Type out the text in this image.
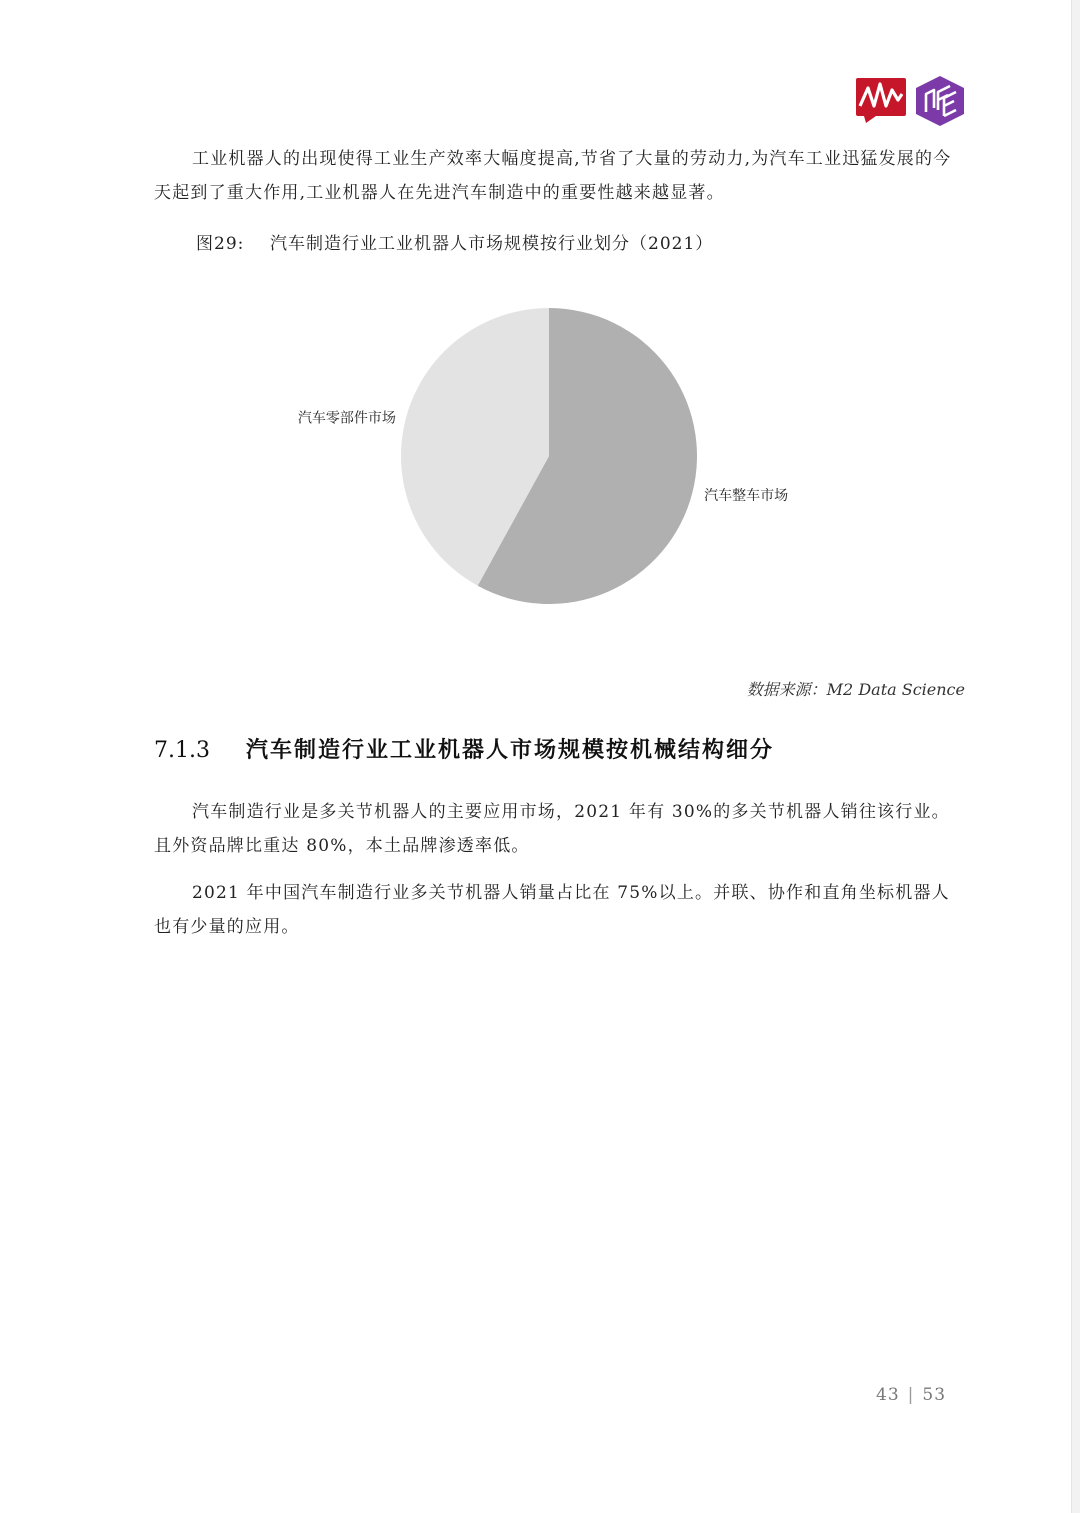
工业机器人的出现使得工业生产效率大幅度提高,节省了大量的劳动力,为汽车工业迅猛发展的今天起到了重大作用,工业机器人在先进汽车制造中的重要性越来越显著。

图29: 汽车制造行业工业机器人市场规模按行业划分（2021）
汽车整车市场
汽车零部件市场
数据来源：M2 Data Science
7.1.3 汽车制造行业工业机器人市场规模按机械结构细分

汽车制造行业是多关节机器人的主要应用市场，2021 年有 30%的多关节机器人销往该行业。且外资品牌比重达 80%，本土品牌渗透率低。

2021 年中国汽车制造行业多关节机器人销量占比在 75%以上。并联、协作和直角坐标机器人也有少量的应用。

43 | 53
